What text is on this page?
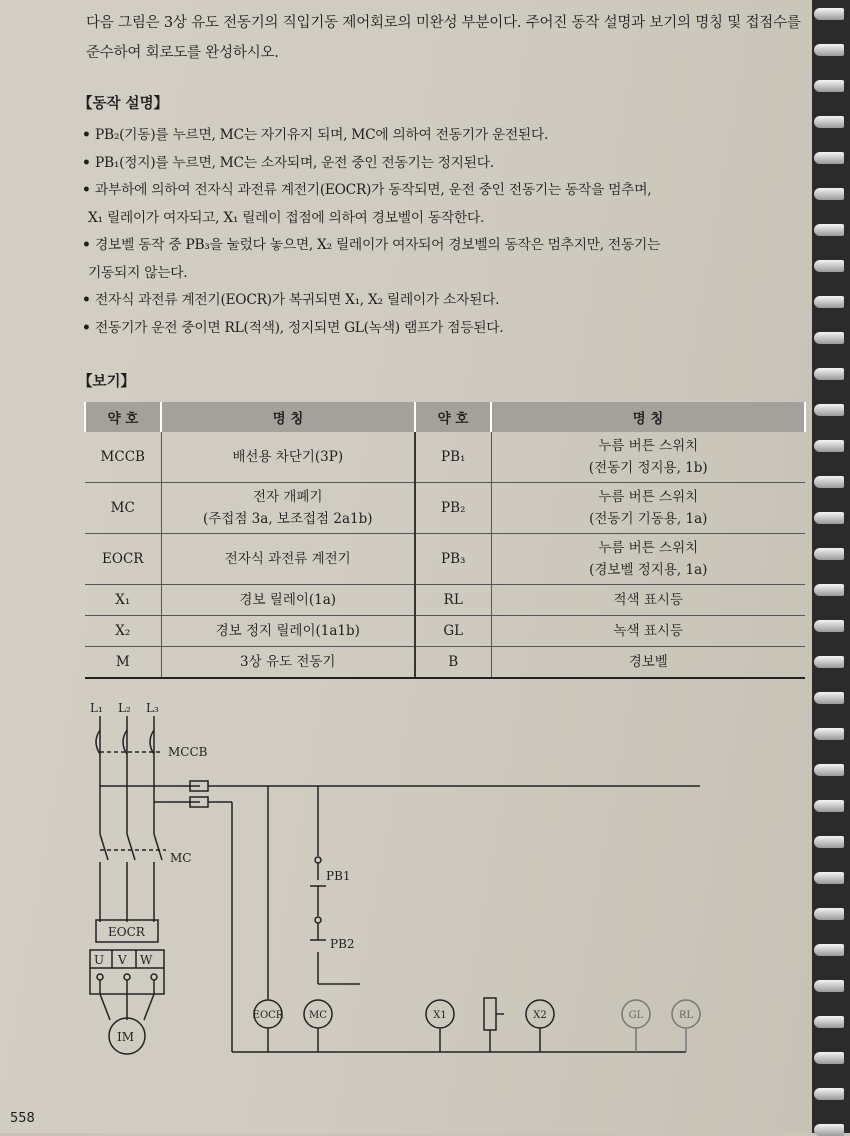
다음 그림은 3상 유도 전동기의 직입기동 제어회로의 미완성 부분이다. 주어진 동작 설명과 보기의 명칭 및 접점수를 준수하여 회로도를 완성하시오.

【동작 설명】

• PB₂(기동)를 누르면, MC는 자기유지 되며, MC에 의하여 전동기가 운전된다.
• PB₁(정지)를 누르면, MC는 소자되며, 운전 중인 전동기는 정지된다.
• 과부하에 의하여 전자식 과전류 계전기(EOCR)가 동작되면, 운전 중인 전동기는 동작을 멈추며,
X₁ 릴레이가 여자되고, X₁ 릴레이 접점에 의하여 경보벨이 동작한다.
• 경보벨 동작 중 PB₃을 눌렀다 놓으면, X₂ 릴레이가 여자되어 경보벨의 동작은 멈추지만, 전동기는
기동되지 않는다.
• 전자식 과전류 계전기(EOCR)가 복귀되면 X₁, X₂ 릴레이가 소자된다.
• 전동기가 운전 중이면 RL(적색), 정지되면 GL(녹색) 램프가 점등된다.

【보기】

약 호	명 칭	약 호	명 칭
MCCB	배선용 차단기(3P)	PB₁	누름 버튼 스위치
(전동기 정지용, 1b)
MC	전자 개폐기
(주접점 3a, 보조접점 2a1b)	PB₂	누름 버튼 스위치
(전동기 기동용, 1a)
EOCR	전자식 과전류 계전기	PB₃	누름 버튼 스위치
(경보벨 정지용, 1a)
X₁	경보 릴레이(1a)	RL	적색 표시등
X₂	경보 정지 릴레이(1a1b)	GL	녹색 표시등
M	3상 유도 전동기	B	경보벨
L₁ L₂ L₃
MCCB
MC
EOCR
U V W
IM
PB1
PB2
EOCR	MC	X1	X2	GL	RL
558
